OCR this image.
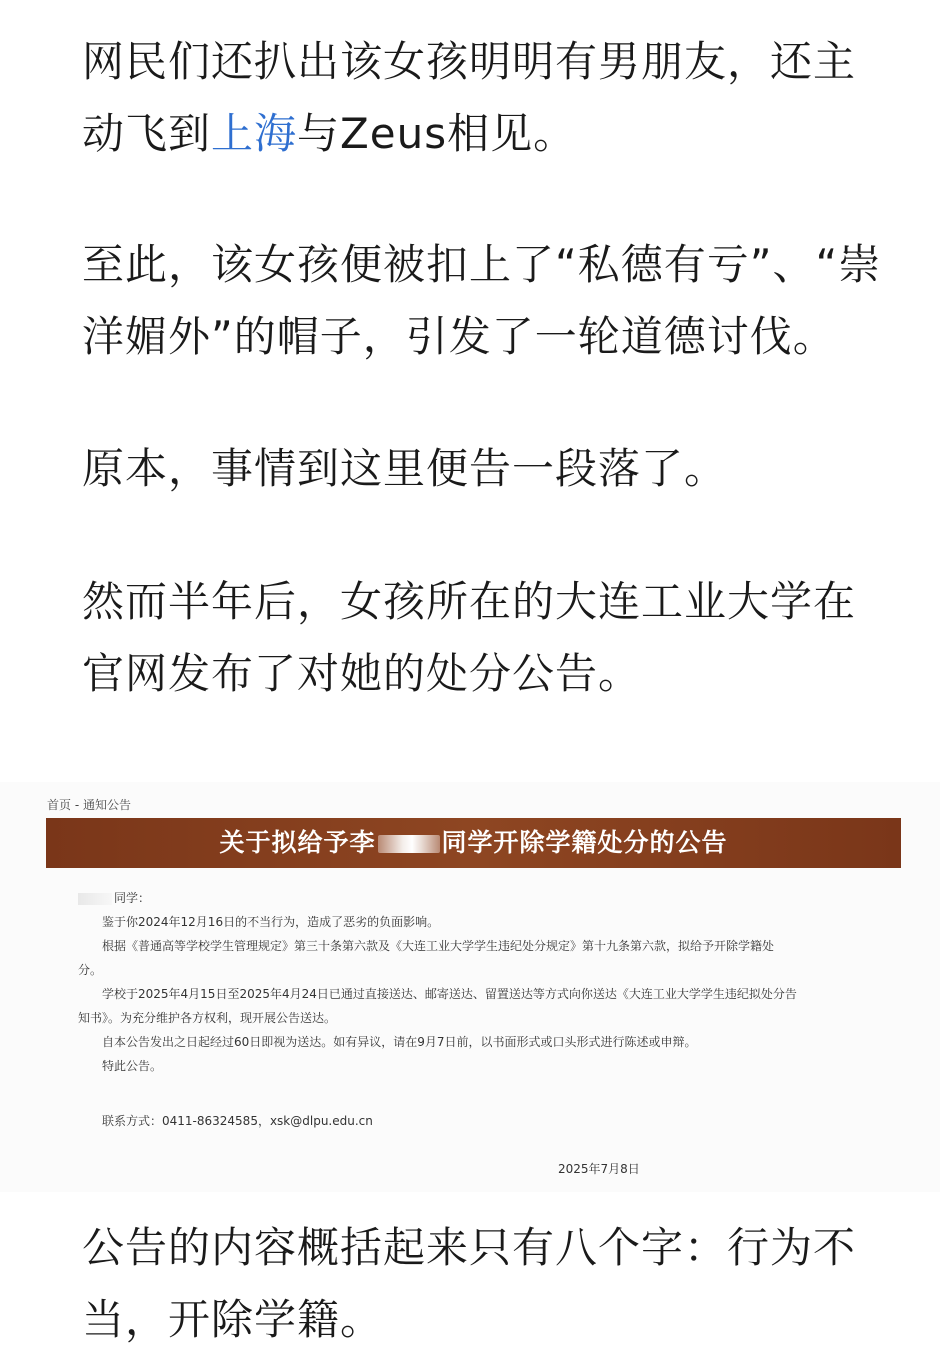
网民们还扒出该女孩明明有男朋友，还主
动飞到上海与Zeus相见。

至此，该女孩便被扣上了“私德有亏”、“崇
洋媚外”的帽子，引发了一轮道德讨伐。

原本，事情到这里便告一段落了。

然而半年后，女孩所在的大连工业大学在
官网发布了对她的处分公告。

首页 - 通知公告
关于拟给予李	同学开除学籍处分的公告
同学：
鉴于你2024年12月16日的不当行为，造成了恶劣的负面影响。
根据《普通高等学校学生管理规定》第三十条第六款及《大连工业大学学生违纪处分规定》第十九条第六款，拟给予开除学籍处
分。
学校于2025年4月15日至2025年4月24日已通过直接送达、邮寄送达、留置送达等方式向你送达《大连工业大学学生违纪拟处分告
知书》。为充分维护各方权利，现开展公告送达。
自本公告发出之日起经过60日即视为送达。如有异议，请在9月7日前，以书面形式或口头形式进行陈述或申辩。
特此公告。
联系方式：0411-86324585，xsk@dlpu.edu.cn
2025年7月8日

公告的内容概括起来只有八个字：行为不
当，开除学籍。
